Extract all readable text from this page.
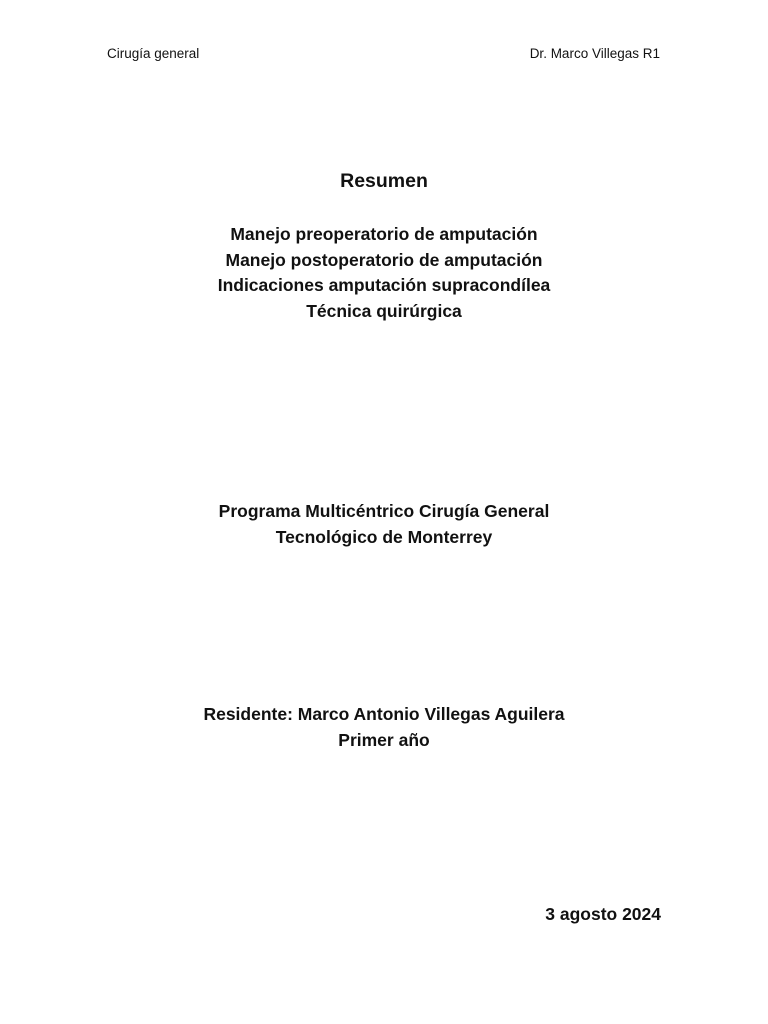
Cirugía general	Dr. Marco Villegas R1
Resumen
Manejo preoperatorio de amputación
Manejo postoperatorio de amputación
Indicaciones amputación supracondílea
Técnica quirúrgica
Programa Multicéntrico Cirugía General
Tecnológico de Monterrey
Residente: Marco Antonio Villegas Aguilera
Primer año
3 agosto 2024
